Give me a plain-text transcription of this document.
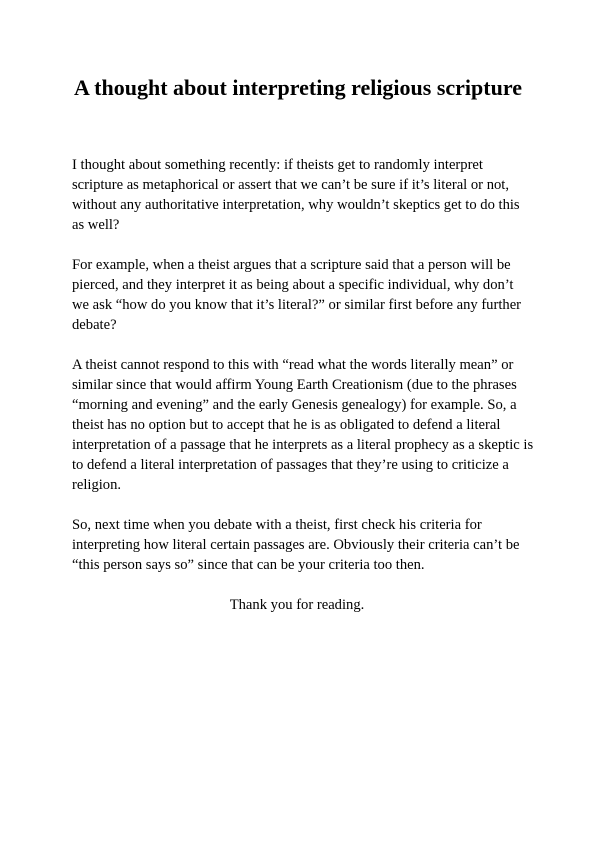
A thought about interpreting religious scripture

I thought about something recently: if theists get to randomly interpret scripture as metaphorical or assert that we can’t be sure if it’s literal or not, without any authoritative interpretation, why wouldn’t skeptics get to do this as well?

For example, when a theist argues that a scripture said that a person will be pierced, and they interpret it as being about a specific individual, why don’t we ask “how do you know that it’s literal?” or similar first before any further debate?

A theist cannot respond to this with “read what the words literally mean” or similar since that would affirm Young Earth Creationism (due to the phrases “morning and evening” and the early Genesis genealogy) for example. So, a theist has no option but to accept that he is as obligated to defend a literal interpretation of a passage that he interprets as a literal prophecy as a skeptic is to defend a literal interpretation of passages that they’re using to criticize a religion.

So, next time when you debate with a theist, first check his criteria for interpreting how literal certain passages are. Obviously their criteria can’t be “this person says so” since that can be your criteria too then.

Thank you for reading.
